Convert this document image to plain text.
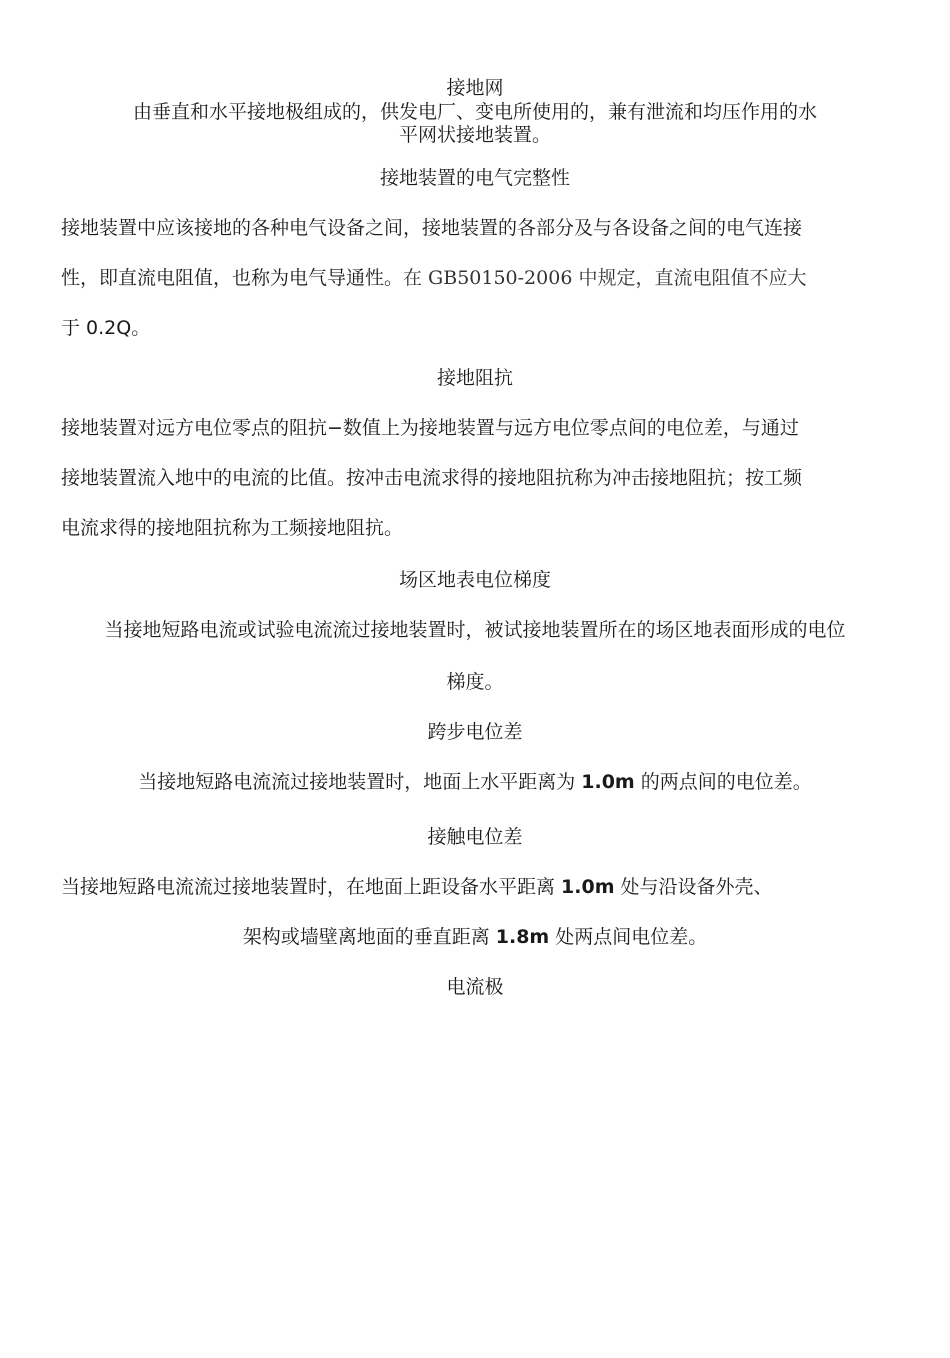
接地网

由垂直和水平接地极组成的，供发电厂、变电所使用的，兼有泄流和均压作用的水

平网状接地装置。

接地装置的电气完整性

接地装置中应该接地的各种电气设备之间，接地装置的各部分及与各设备之间的电气连接

性，即直流电阻值，也称为电气导通性。在 GB50150-2006 中规定，直流电阻值不应大

于 0.2Q。

接地阻抗

接地装置对远方电位零点的阻抗−数值上为接地装置与远方电位零点间的电位差，与通过

接地装置流入地中的电流的比值。按冲击电流求得的接地阻抗称为冲击接地阻抗；按工频

电流求得的接地阻抗称为工频接地阻抗。

场区地表电位梯度

当接地短路电流或试验电流流过接地装置时，被试接地装置所在的场区地表面形成的电位

梯度。

跨步电位差

当接地短路电流流过接地装置时，地面上水平距离为 1.0m 的两点间的电位差。

接触电位差

当接地短路电流流过接地装置时，在地面上距设备水平距离 1.0m 处与沿设备外壳、

架构或墙壁离地面的垂直距离 1.8m 处两点间电位差。

电流极
